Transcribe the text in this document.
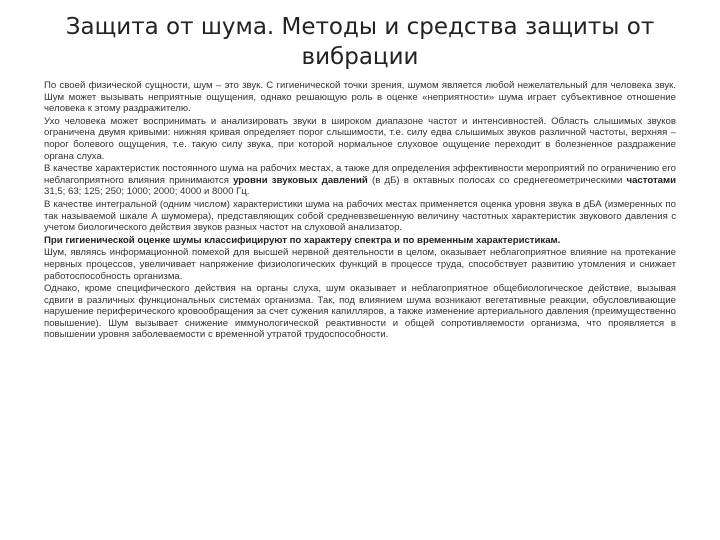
Защита от шума. Методы и средства защиты от вибрации

По своей физической сущности, шум – это звук. С гигиенической точки зрения, шумом является любой нежелательный для человека звук. Шум может вызывать неприятные ощущения, однако решающую роль в оценке «неприятности» шума играет субъективное отношение человека к этому раздражителю.

Ухо человека может воспринимать и анализировать звуки в широком диапазоне частот и интенсивностей. Область слышимых звуков ограничена двумя кривыми: нижняя кривая определяет порог слышимости, т.е. силу едва слышимых звуков различной частоты, верхняя – порог болевого ощущения, т.е. такую силу звука, при которой нормальное слуховое ощущение переходит в болезненное раздражение органа слуха.

В качестве характеристик постоянного шума на рабочих местах, а также для определения эффективности мероприятий по ограничению его неблагоприятного влияния принимаются уровни звуковых давлений (в дБ) в октавных полосах со среднегеометрическими частотами 31,5; 63; 125; 250; 1000; 2000; 4000 и 8000 Гц.

В качестве интегральной (одним числом) характеристики шума на рабочих местах применяется оценка уровня звука в дБА (измеренных по так называемой шкале А шумомера), представляющих собой средневзвешенную величину частотных характеристик звукового давления с учетом биологического действия звуков разных частот на слуховой анализатор.

При гигиенической оценке шумы классифицируют по характеру спектра и по временным характеристикам.

Шум, являясь информационной помехой для высшей нервной деятельности в целом, оказывает неблагоприятное влияние на протекание нервных процессов, увеличивает напряжение физиологических функций в процессе труда, способствует развитию утомления и снижает работоспособность организма.

Однако, кроме специфического действия на органы слуха, шум оказывает и неблагоприятное общебиологическое действие, вызывая сдвиги в различных функциональных системах организма. Так, под влиянием шума возникают вегетативные реакции, обусловливающие нарушение периферического кровообращения за счет сужения капилляров, а также изменение артериального давления (преимущественно повышение). Шум вызывает снижение иммунологической реактивности и общей сопротивляемости организма, что проявляется в повышении уровня заболеваемости с временной утратой трудоспособности.
